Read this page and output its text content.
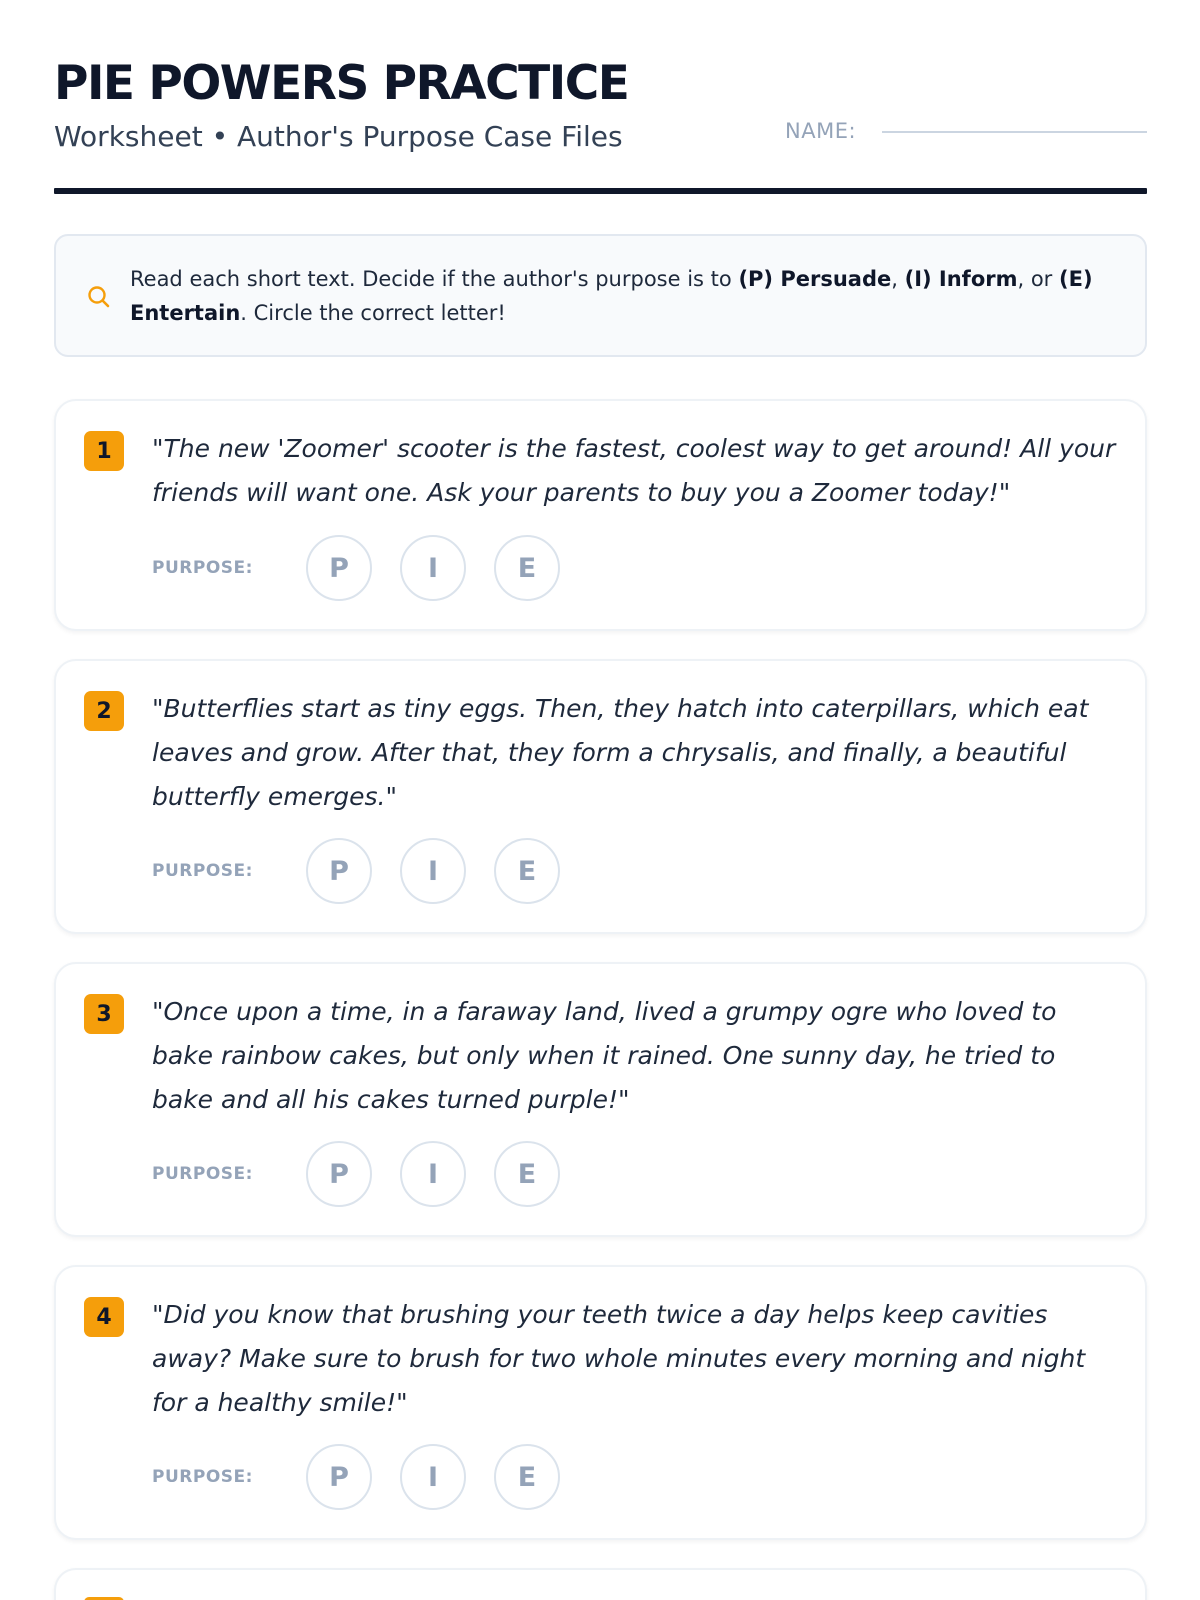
PIE POWERS PRACTICE
Worksheet • Author's Purpose Case Files	NAME:
Read each short text. Decide if the author's purpose is to (P) Persuade, (I) Inform, or (E) Entertain. Circle the correct letter!
1	"The new 'Zoomer' scooter is the fastest, coolest way to get around! All your friends will want one. Ask your parents to buy you a Zoomer today!"
PURPOSE:	P	I	E
2	"Butterflies start as tiny eggs. Then, they hatch into caterpillars, which eat leaves and grow. After that, they form a chrysalis, and finally, a beautiful butterfly emerges."
PURPOSE:	P	I	E
3	"Once upon a time, in a faraway land, lived a grumpy ogre who loved to bake rainbow cakes, but only when it rained. One sunny day, he tried to bake and all his cakes turned purple!"
PURPOSE:	P	I	E
4	"Did you know that brushing your teeth twice a day helps keep cavities away? Make sure to brush for two whole minutes every morning and night for a healthy smile!"
PURPOSE:	P	I	E
